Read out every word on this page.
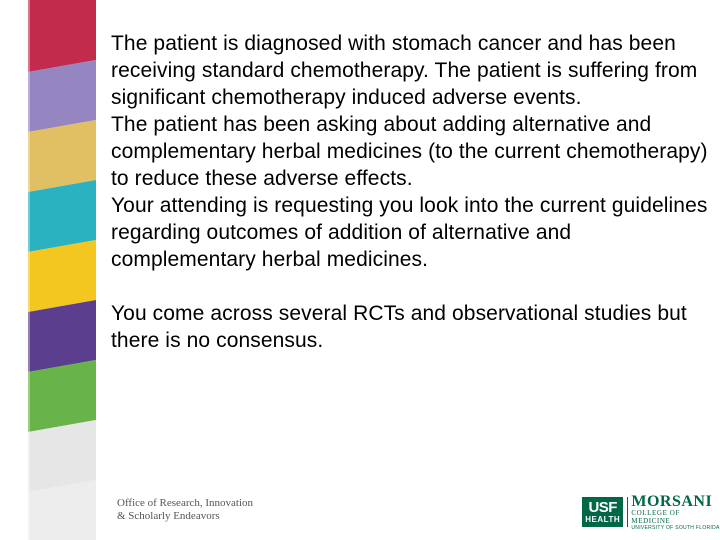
The patient is diagnosed with stomach cancer and has been receiving standard chemotherapy. The patient is suffering from significant chemotherapy induced adverse events.

The patient has been asking about adding alternative and complementary herbal medicines (to the current chemotherapy) to reduce these adverse effects.

Your attending is requesting you look into the current guidelines regarding outcomes of addition of alternative and complementary herbal medicines.

You come across several RCTs and observational studies but there is no consensus.

Office of Research, Innovation
& Scholarly Endeavors	USF
HEALTH
MORSANI
COLLEGE OF MEDICINE
UNIVERSITY OF SOUTH FLORIDA
